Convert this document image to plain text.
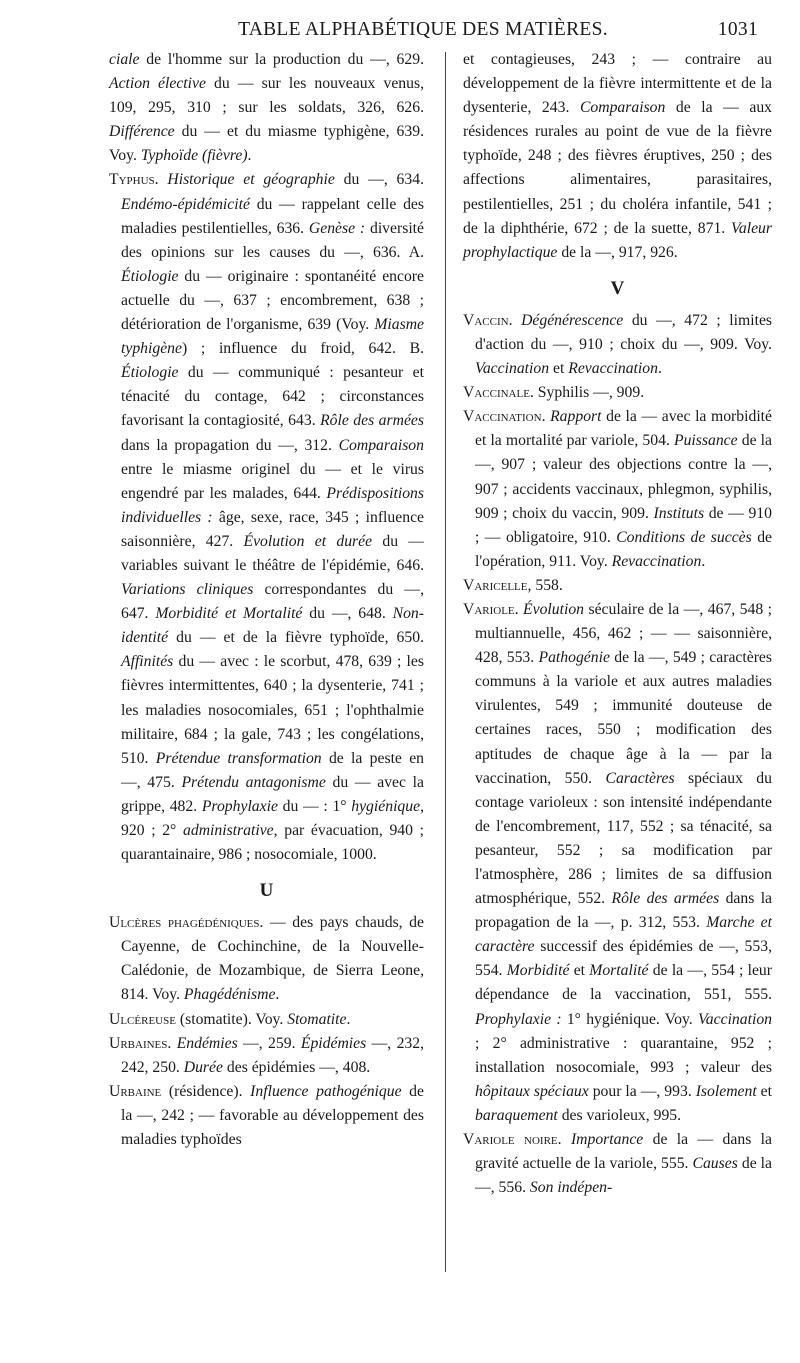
TABLE ALPHABÉTIQUE DES MATIÈRES.	1031

ciale de l'homme sur la production du —, 629. Action élective du — sur les nouveaux venus, 109, 295, 310 ; sur les soldats, 326, 626. Différence du — et du miasme typhigène, 639. Voy. Typhoïde (fièvre).

Typhus. Historique et géographie du —, 634. Endémo-épidémicité du — rappelant celle des maladies pestilentielles, 636. Genèse : diversité des opinions sur les causes du —, 636. A. Étiologie du — originaire : spontanéité encore actuelle du —, 637 ; encombrement, 638 ; détérioration de l'organisme, 639 (Voy. Miasme typhigène) ; influence du froid, 642. B. Étiologie du — communiqué : pesanteur et ténacité du contage, 642 ; circonstances favorisant la contagiosité, 643. Rôle des armées dans la propagation du —, 312. Comparaison entre le miasme originel du — et le virus engendré par les malades, 644. Prédispositions individuelles : âge, sexe, race, 345 ; influence saisonnière, 427. Évolution et durée du — variables suivant le théâtre de l'épidémie, 646. Variations cliniques correspondantes du —, 647. Morbidité et Mortalité du —, 648. Non-identité du — et de la fièvre typhoïde, 650. Affinités du — avec : le scorbut, 478, 639 ; les fièvres intermittentes, 640 ; la dysenterie, 741 ; les maladies nosocomiales, 651 ; l'ophthalmie militaire, 684 ; la gale, 743 ; les congélations, 510. Prétendue transformation de la peste en —, 475. Prétendu antagonisme du — avec la grippe, 482. Prophylaxie du — : 1° hygiénique, 920 ; 2° administrative, par évacuation, 940 ; quarantainaire, 986 ; nosocomiale, 1000.

U

Ulcères phagédéniques. — des pays chauds, de Cayenne, de Cochinchine, de la Nouvelle-Calédonie, de Mozambique, de Sierra Leone, 814. Voy. Phagédénisme.

Ulcéreuse (stomatite). Voy. Stomatite.

Urbaines. Endémies —, 259. Épidémies —, 232, 242, 250. Durée des épidémies —, 408.

Urbaine (résidence). Influence pathogénique de la —, 242 ; — favorable au développement des maladies typhoïdes

et contagieuses, 243 ; — contraire au développement de la fièvre intermittente et de la dysenterie, 243. Comparaison de la — aux résidences rurales au point de vue de la fièvre typhoïde, 248 ; des fièvres éruptives, 250 ; des affections alimentaires, parasitaires, pestilentielles, 251 ; du choléra infantile, 541 ; de la diphthérie, 672 ; de la suette, 871. Valeur prophylactique de la —, 917, 926.

V

Vaccin. Dégénérescence du —, 472 ; limites d'action du —, 910 ; choix du —, 909. Voy. Vaccination et Revaccination.

Vaccinale. Syphilis —, 909.

Vaccination. Rapport de la — avec la morbidité et la mortalité par variole, 504. Puissance de la —, 907 ; valeur des objections contre la —, 907 ; accidents vaccinaux, phlegmon, syphilis, 909 ; choix du vaccin, 909. Instituts de — 910 ; — obligatoire, 910. Conditions de succès de l'opération, 911. Voy. Revaccination.

Varicelle, 558.

Variole. Évolution séculaire de la —, 467, 548 ; multiannuelle, 456, 462 ; — — saisonnière, 428, 553. Pathogénie de la —, 549 ; caractères communs à la variole et aux autres maladies virulentes, 549 ; immunité douteuse de certaines races, 550 ; modification des aptitudes de chaque âge à la — par la vaccination, 550. Caractères spéciaux du contage varioleux : son intensité indépendante de l'encombrement, 117, 552 ; sa ténacité, sa pesanteur, 552 ; sa modification par l'atmosphère, 286 ; limites de sa diffusion atmosphérique, 552. Rôle des armées dans la propagation de la —, p. 312, 553. Marche et caractère successif des épidémies de —, 553, 554. Morbidité et Mortalité de la —, 554 ; leur dépendance de la vaccination, 551, 555. Prophylaxie : 1° hygiénique. Voy. Vaccination ; 2° administrative : quarantaine, 952 ; installation nosocomiale, 993 ; valeur des hôpitaux spéciaux pour la —, 993. Isolement et baraquement des varioleux, 995.

Variole noire. Importance de la — dans la gravité actuelle de la variole, 555. Causes de la —, 556. Son indépen-
